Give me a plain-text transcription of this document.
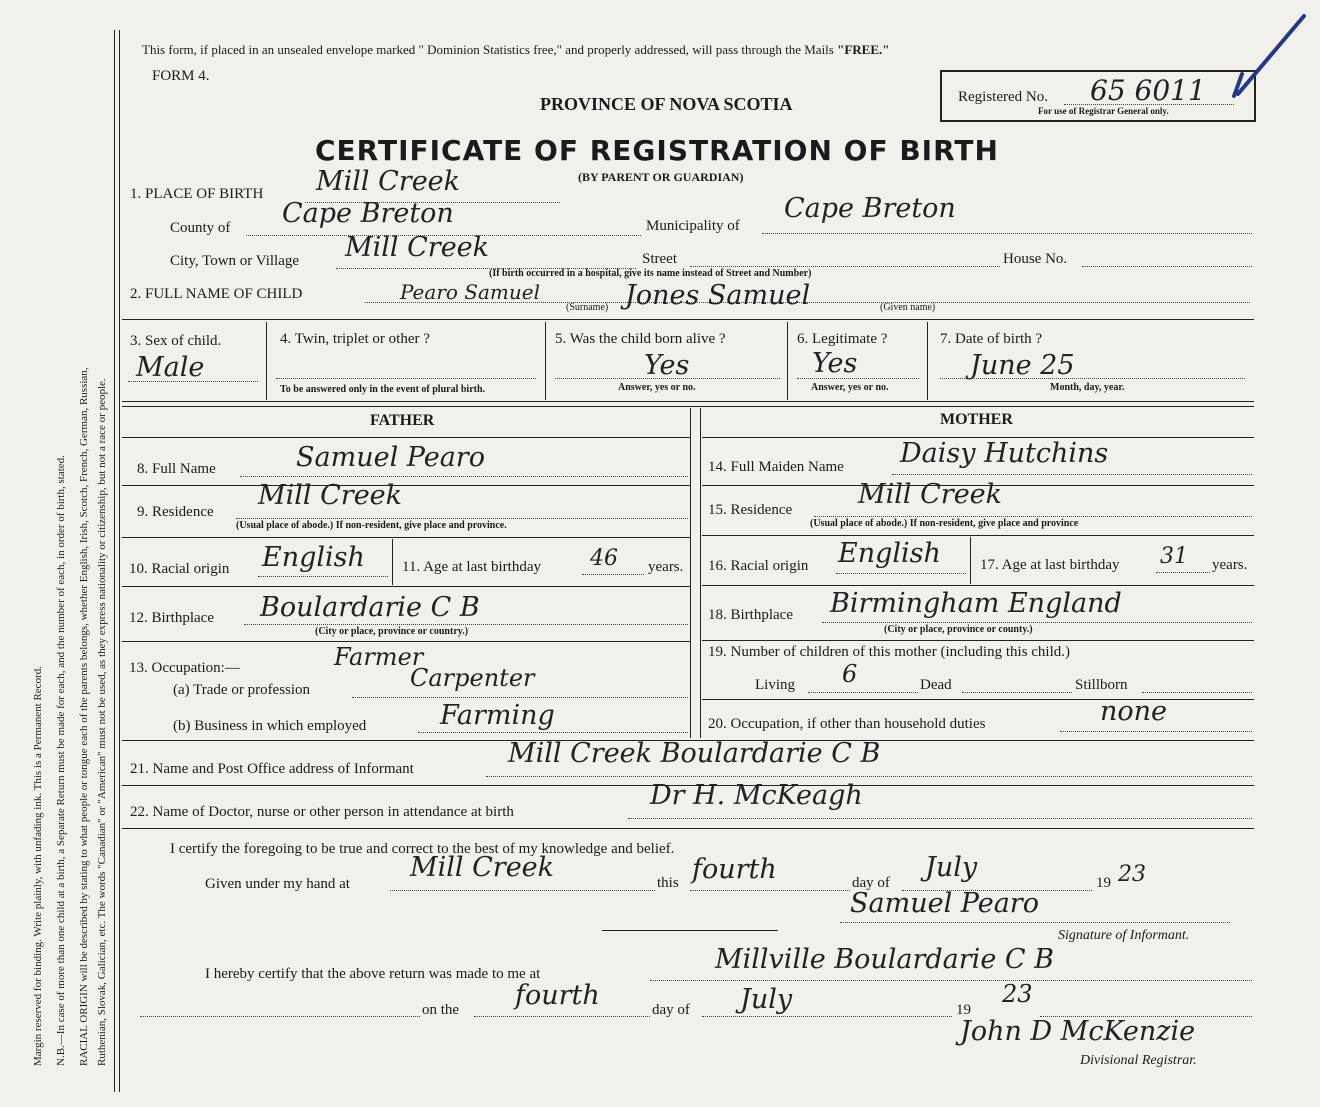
Margin reserved for binding. Write plainly, with unfading ink. This is a Permanent Record. N.B.—In case of more than one child at a birth, a Separate Return must be made for each, and the number of each, in order of birth, stated. RACIAL ORIGIN will be described by stating to what people or tongue each of the parents belongs, whether English, Irish, Scotch, French, German, Russian, Ruthenian, Slovak, Galician, etc. The words "Canadian" or "American" must not be used, as they express nationality or citizenship, but not a race or people.
This form, if placed in an unsealed envelope marked " Dominion Statistics free," and properly addressed, will pass through the Mails "FREE."
FORM 4.
PROVINCE OF NOVA SCOTIA
CERTIFICATE OF REGISTRATION OF BIRTH
(BY PARENT OR GUARDIAN)
Registered No. 65 6011
For use of Registrar General only.
1. PLACE OF BIRTH Mill Creek
County of Cape Breton	Municipality of
Cape Breton
City, Town or Village Mill Creek	Street	House No.
(If birth occurred in a hospital, give its name instead of Street and Number)
2. FULL NAME OF CHILD	Pearo Samuel
(Surname) Jones Samuel	(Given name)
3. Sex of child.
Male
4. Twin, triplet or other ?
To be answered only in the event of plural birth.
5. Was the child born alive ?
Yes
Answer, yes or no.
6. Legitimate ?
Yes
Answer, yes or no.
7. Date of birth ?
June 25
Month, day, year.
FATHER	MOTHER
8. Full Name	Samuel Pearo
9. Residence
Mill Creek
(Usual place of abode.) If non-resident, give place and province.
10. Racial origin English 11. Age at last birthday 46 years.
12. Birthplace Boulardarie C B
(City or place, province or country.)
13. Occupation:—
(a) Trade or profession
Farmer
Carpenter
(b) Business in which employed	Farming
14. Full Maiden Name Daisy Hutchins
15. Residence Mill Creek
(Usual place of abode.) If non-resident, give place and province
16. Racial origin English	17. Age at last birthday 31 years.
18. Birthplace Birmingham England
(City or place, province or county.)
19. Number of children of this mother (including this child.)
Living 6	Dead	Stillborn
20. Occupation, if other than household duties	none
21. Name and Post Office address of Informant	Mill Creek Boulardarie C B
22. Name of Doctor, nurse or other person in attendance at birth
Dr H. McKeagh
I certify the foregoing to be true and correct to the best of my knowledge and belief.
Given under my hand at
Mill Creek	this fourth	day of July	19 23
Samuel Pearo
Signature of Informant.
I hereby certify that the above return was made to me at	Millville Boulardarie C B
on the fourth	day of July	19
23
John D McKenzie
Divisional Registrar.
